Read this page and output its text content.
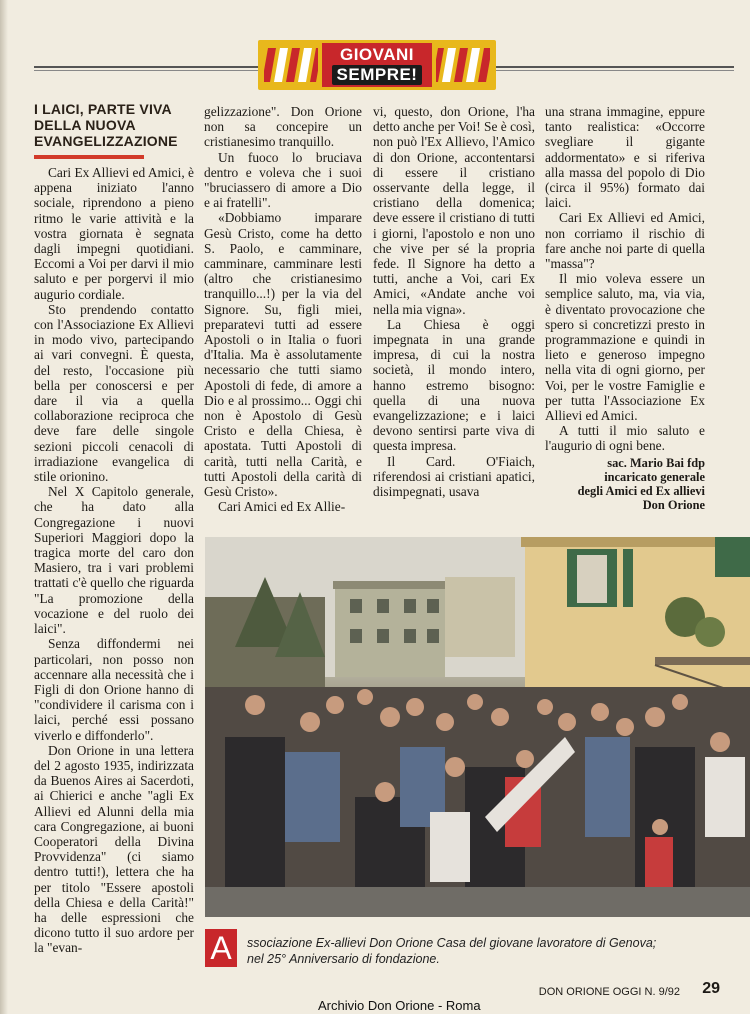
GIOVANI
SEMPRE!
I LAICI, PARTE VIVA DELLA NUOVA EVANGELIZZAZIONE

Cari Ex Allievi ed Amici, è appena iniziato l'anno sociale, riprendono a pieno ritmo le varie attività e la vostra giornata è segnata dagli impegni quotidiani. Eccomi a Voi per darvi il mio saluto e per porgervi il mio augurio cordiale.

Sto prendendo contatto con l'Associazione Ex Allievi in modo vivo, partecipando ai vari convegni. È questa, del resto, l'occasione più bella per conoscersi e per dare il via a quella collaborazione reciproca che deve fare delle singole sezioni piccoli cenacoli di irradiazione evangelica di stile orionino.

Nel X Capitolo generale, che ha dato alla Congregazione i nuovi Superiori Maggiori dopo la tragica morte del caro don Masiero, tra i vari problemi trattati c'è quello che riguarda "La promozione della vocazione e del ruolo dei laici".

Senza diffondermi nei particolari, non posso non accennare alla necessità che i Figli di don Orione hanno di "condividere il carisma con i laici, perché essi possano viverlo e diffonderlo".

Don Orione in una lettera del 2 agosto 1935, indirizzata da Buenos Aires ai Sacerdoti, ai Chierici e anche "agli Ex Allievi ed Alunni della mia cara Congregazione, ai buoni Cooperatori della Divina Provvidenza" (ci siamo dentro tutti!), lettera che ha per titolo "Essere apostoli della Chiesa e della Carità!" ha delle espressioni che dicono tutto il suo ardore per la "evan-

gelizzazione". Don Orione non sa concepire un cristianesimo tranquillo.

Un fuoco lo bruciava dentro e voleva che i suoi "bruciassero di amore a Dio e ai fratelli".

«Dobbiamo imparare Gesù Cristo, come ha detto S. Paolo, e camminare, camminare, camminare lesti (altro che cristianesimo tranquillo...!) per la via del Signore. Su, figli miei, preparatevi tutti ad essere Apostoli o in Italia o fuori d'Italia. Ma è assolutamente necessario che tutti siamo Apostoli di fede, di amore a Dio e al prossimo... Oggi chi non è Apostolo di Gesù Cristo e della Chiesa, è apostata. Tutti Apostoli di carità, tutti nella Carità, e tutti Apostoli della carità di Gesù Cristo».

Cari Amici ed Ex Allie-

vi, questo, don Orione, l'ha detto anche per Voi! Se è così, non può l'Ex Allievo, l'Amico di don Orione, accontentarsi di essere il cristiano osservante della legge, il cristiano della domenica; deve essere il cristiano di tutti i giorni, l'apostolo e non uno che vive per sé la propria fede. Il Signore ha detto a tutti, anche a Voi, cari Ex Amici, «Andate anche voi nella mia vigna».

La Chiesa è oggi impegnata in una grande impresa, di cui la nostra società, il mondo intero, hanno estremo bisogno: quella di una nuova evangelizzazione; e i laici devono sentirsi parte viva di questa impresa.

Il Card. O'Fiaich, riferendosi ai cristiani apatici, disimpegnati, usava

una strana immagine, eppure tanto realistica: «Occorre svegliare il gigante addormentato» e si riferiva alla massa del popolo di Dio (circa il 95%) formato dai laici.

Cari Ex Allievi ed Amici, non corriamo il rischio di fare anche noi parte di quella "massa"?

Il mio voleva essere un semplice saluto, ma, via via, è diventato provocazione che spero si concretizzi presto in programmazione e quindi in lieto e generoso impegno nella vita di ogni giorno, per Voi, per le vostre Famiglie e per tutta l'Associazione Ex Allievi ed Amici.

A tutti il mio saluto e l'augurio di ogni bene.

sac. Mario Bai fdp
incaricato generale
degli Amici ed Ex allievi
Don Orione
A	ssociazione Ex-allievi Don Orione Casa del giovane lavoratore di Genova;
nel 25° Anniversario di fondazione.
DON ORIONE OGGI N. 9/92	29
Archivio Don Orione - Roma
